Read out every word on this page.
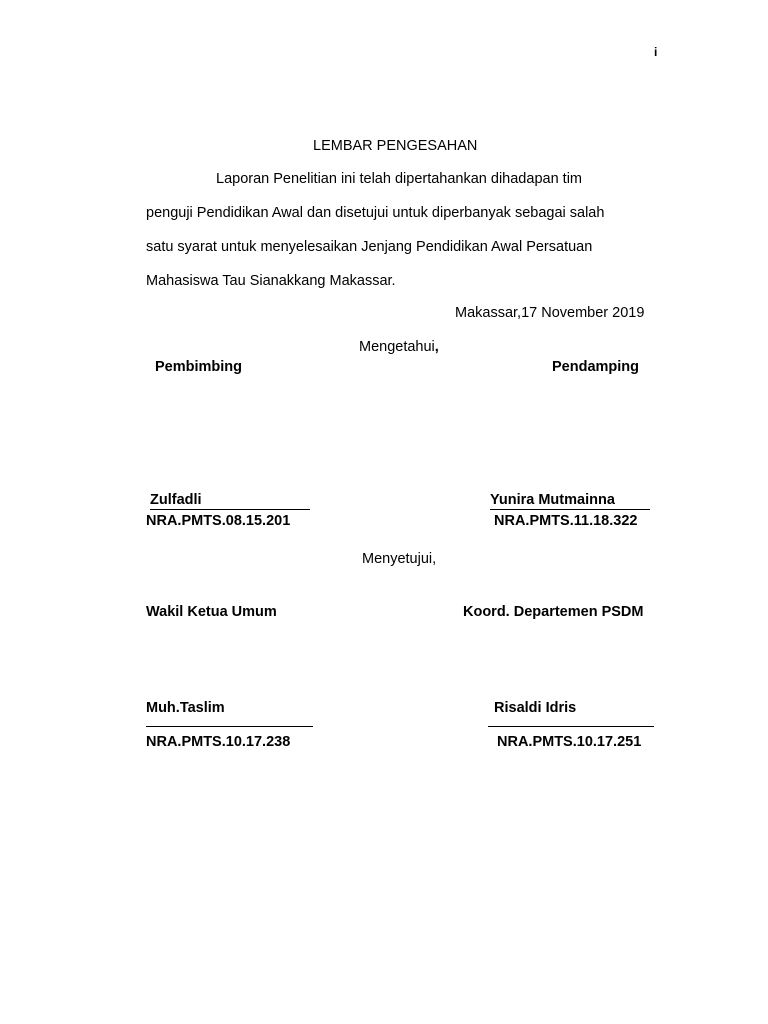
i
LEMBAR PENGESAHAN
Laporan Penelitian ini telah dipertahankan dihadapan tim
penguji Pendidikan Awal dan disetujui untuk diperbanyak sebagai salah
satu syarat untuk menyelesaikan Jenjang Pendidikan Awal Persatuan
Mahasiswa Tau Sianakkang Makassar.
Makassar,17 November 2019
Mengetahui,
Pembimbing	Pendamping
Zulfadli
NRA.PMTS.08.15.201
Yunira Mutmainna
NRA.PMTS.11.18.322
Menyetujui,
Wakil Ketua Umum	Koord. Departemen PSDM
Muh.Taslim
NRA.PMTS.10.17.238
Risaldi Idris
NRA.PMTS.10.17.251
